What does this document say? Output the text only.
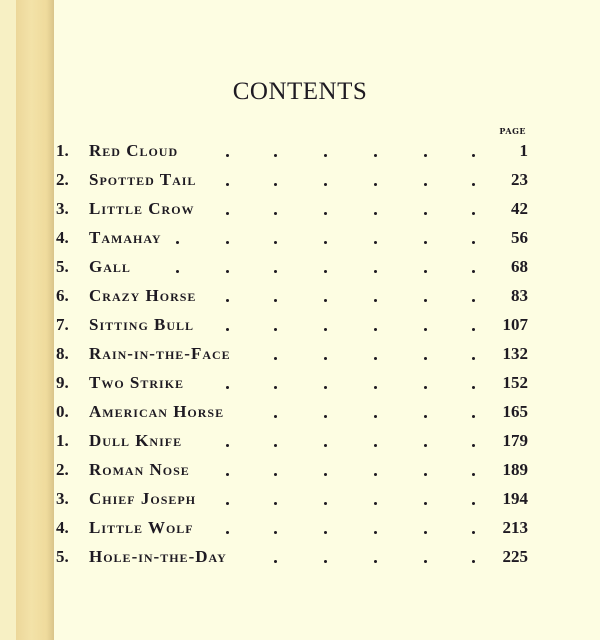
CONTENTS
PAGE
1.	Red Cloud	1
2.	Spotted Tail	23
3.	Little Crow	42
4.	Tamahay	56
5.	Gall	68
6.	Crazy Horse	83
7.	Sitting Bull	107
8.	Rain-in-the-Face	132
9.	Two Strike	152
0.	American Horse	165
1.	Dull Knife	179
2.	Roman Nose	189
3.	Chief Joseph	194
4.	Little Wolf	213
5.	Hole-in-the-Day	225
